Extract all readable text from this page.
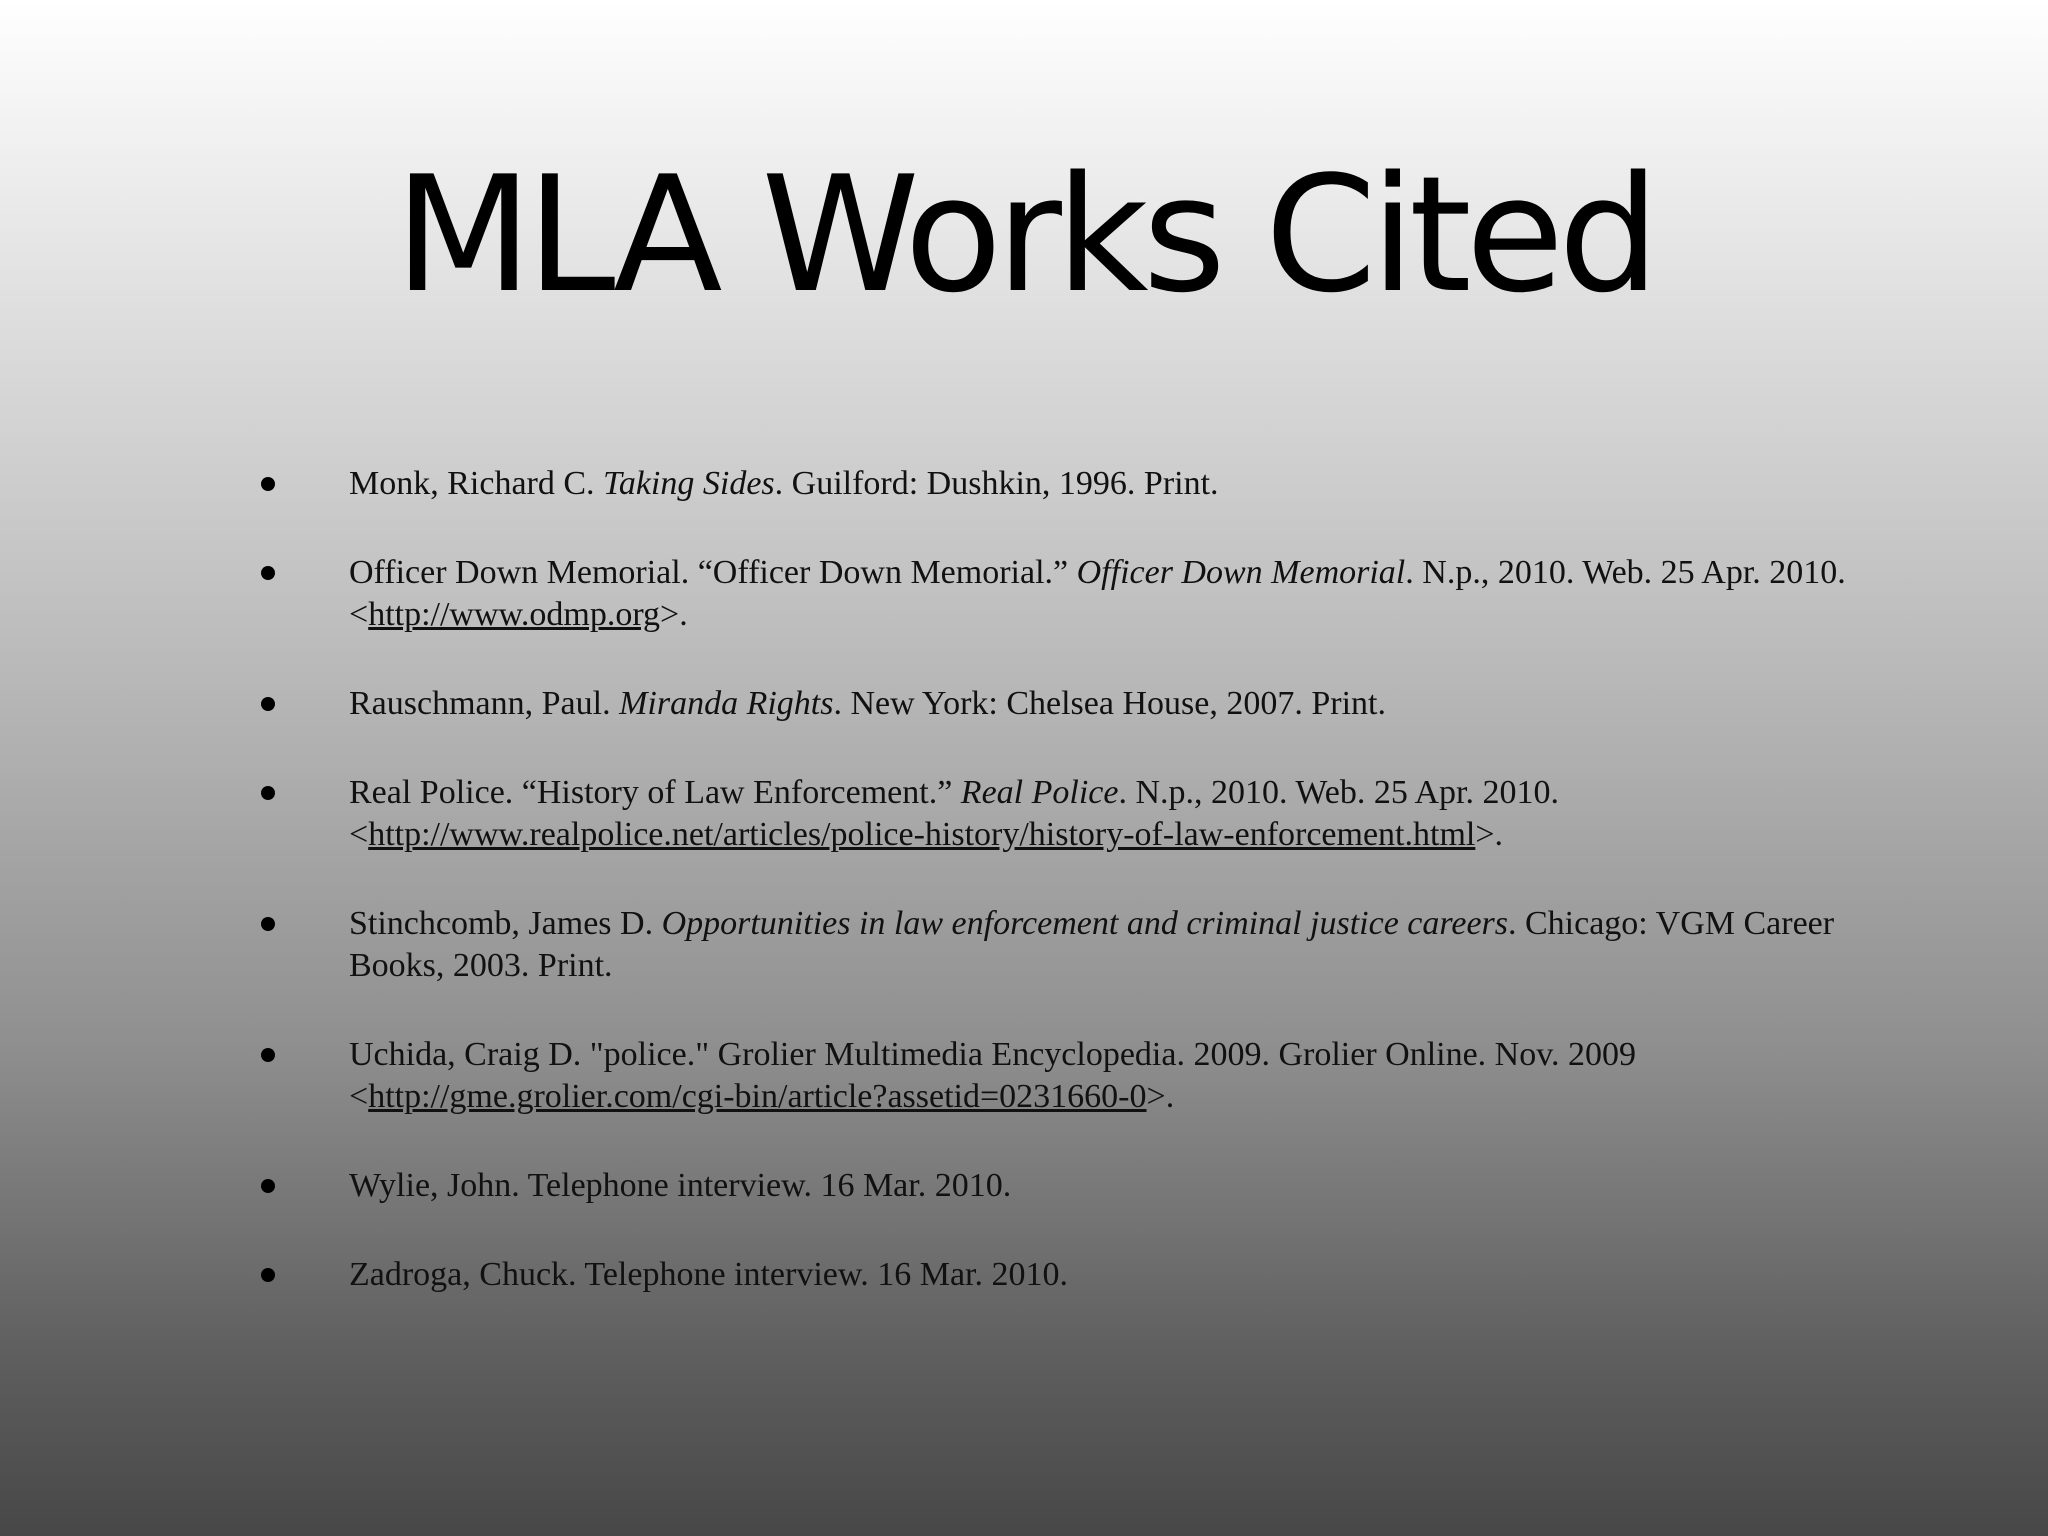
MLA Works Cited
Monk, Richard C. Taking Sides. Guilford: Dushkin, 1996. Print.
Officer Down Memorial. “Officer Down Memorial.” Officer Down Memorial. N.p., 2010. Web. 25 Apr. 2010. <http://www.odmp.org>.
Rauschmann, Paul. Miranda Rights. New York: Chelsea House, 2007. Print.
Real Police. “History of Law Enforcement.” Real Police. N.p., 2010. Web. 25 Apr. 2010. <http://www.realpolice.net/articles/police-history/history-of-law-enforcement.html>.
Stinchcomb, James D. Opportunities in law enforcement and criminal justice careers. Chicago: VGM Career Books, 2003. Print.
Uchida, Craig D. "police." Grolier Multimedia Encyclopedia. 2009. Grolier Online. Nov. 2009 <http://gme.grolier.com/cgi-bin/article?assetid=0231660-0>.
Wylie, John. Telephone interview. 16 Mar. 2010.
Zadroga, Chuck. Telephone interview. 16 Mar. 2010.
